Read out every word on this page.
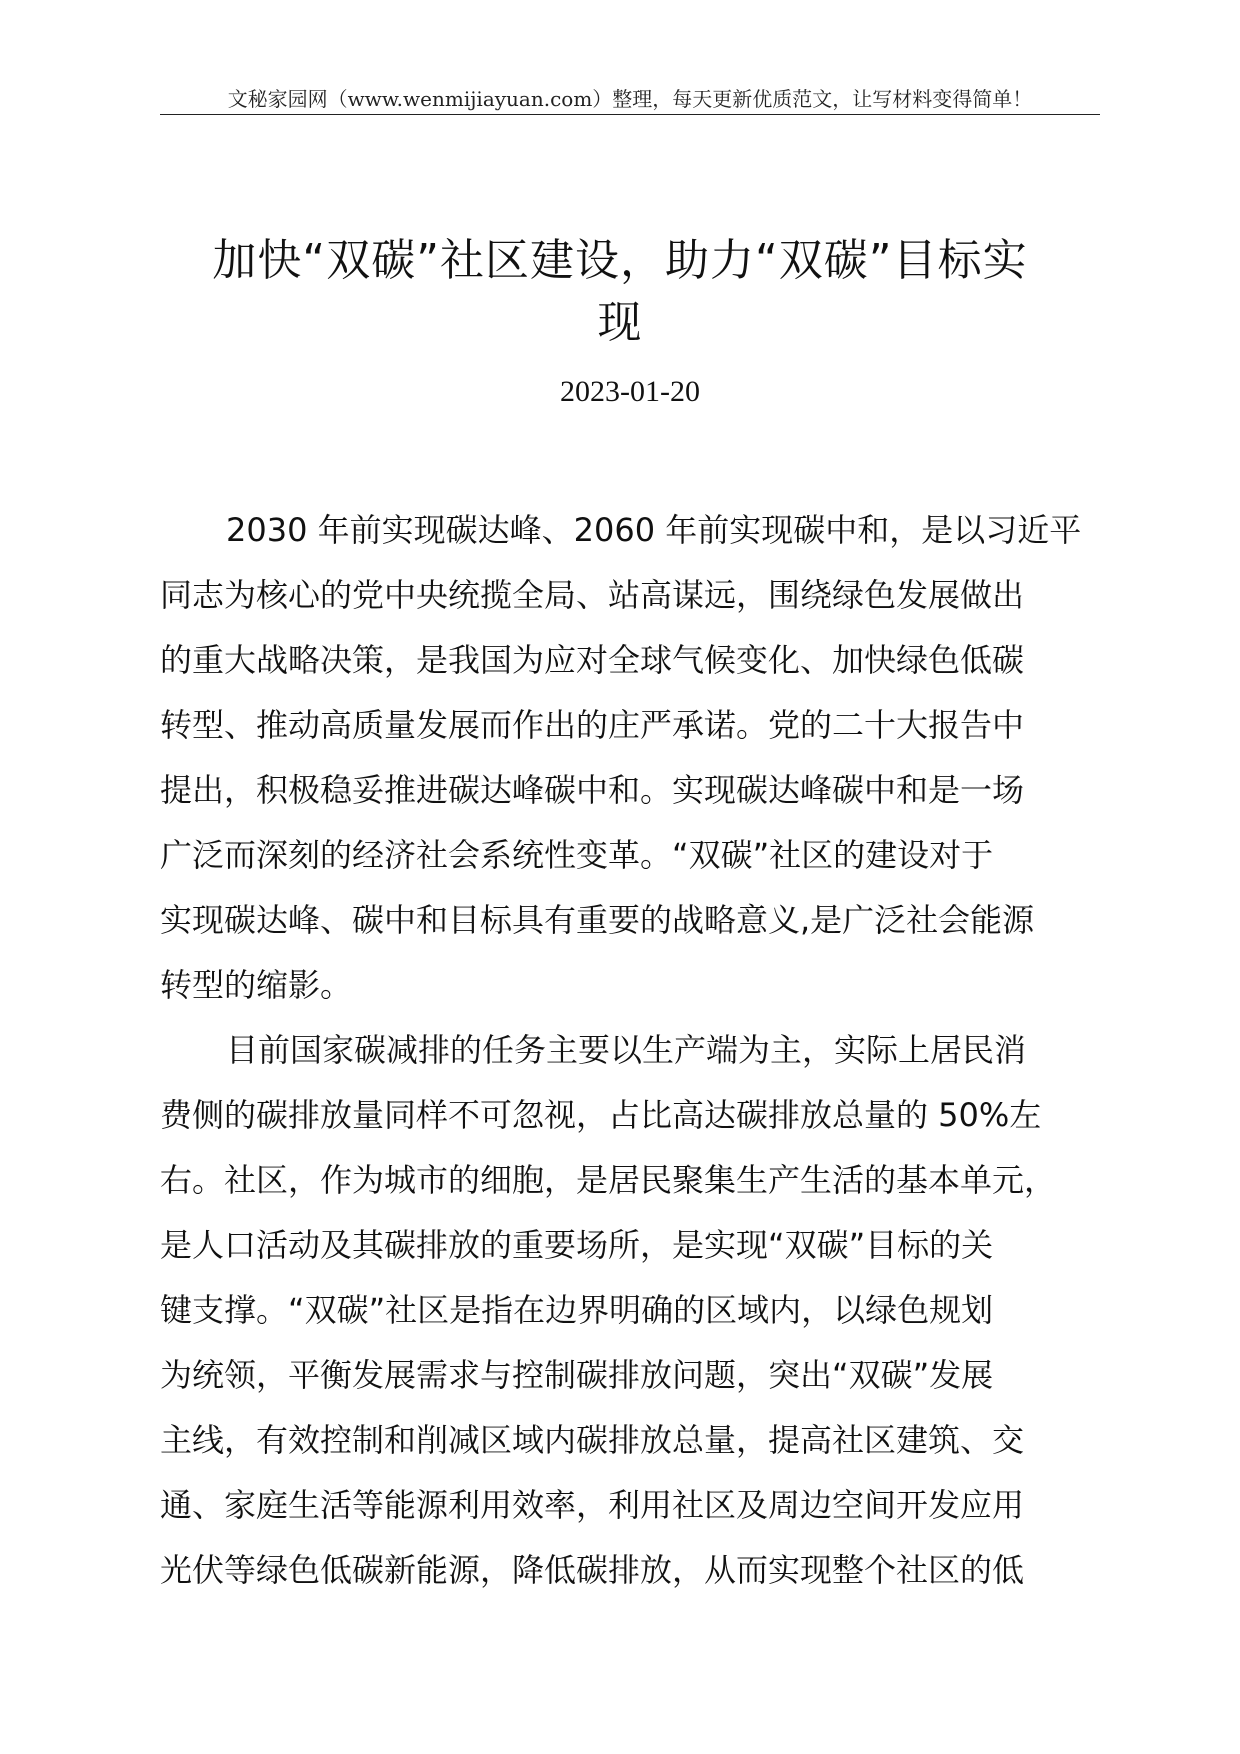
文秘家园网（www.wenmijiayuan.com）整理，每天更新优质范文，让写材料变得简单！
加快“双碳”社区建设，助力“双碳”目标实
现
2023-01-20
2030 年前实现碳达峰、2060 年前实现碳中和，是以习近平
同志为核心的党中央统揽全局、站高谋远，围绕绿色发展做出
的重大战略决策，是我国为应对全球气候变化、加快绿色低碳
转型、推动高质量发展而作出的庄严承诺。党的二十大报告中
提出，积极稳妥推进碳达峰碳中和。实现碳达峰碳中和是一场
广泛而深刻的经济社会系统性变革。“双碳”社区的建设对于
实现碳达峰、碳中和目标具有重要的战略意义,是广泛社会能源
转型的缩影。
目前国家碳减排的任务主要以生产端为主，实际上居民消
费侧的碳排放量同样不可忽视，占比高达碳排放总量的 50%左
右。社区，作为城市的细胞，是居民聚集生产生活的基本单元，
是人口活动及其碳排放的重要场所，是实现“双碳”目标的关
键支撑。“双碳”社区是指在边界明确的区域内，以绿色规划
为统领，平衡发展需求与控制碳排放问题，突出“双碳”发展
主线，有效控制和削减区域内碳排放总量，提高社区建筑、交
通、家庭生活等能源利用效率，利用社区及周边空间开发应用
光伏等绿色低碳新能源，降低碳排放，从而实现整个社区的低
